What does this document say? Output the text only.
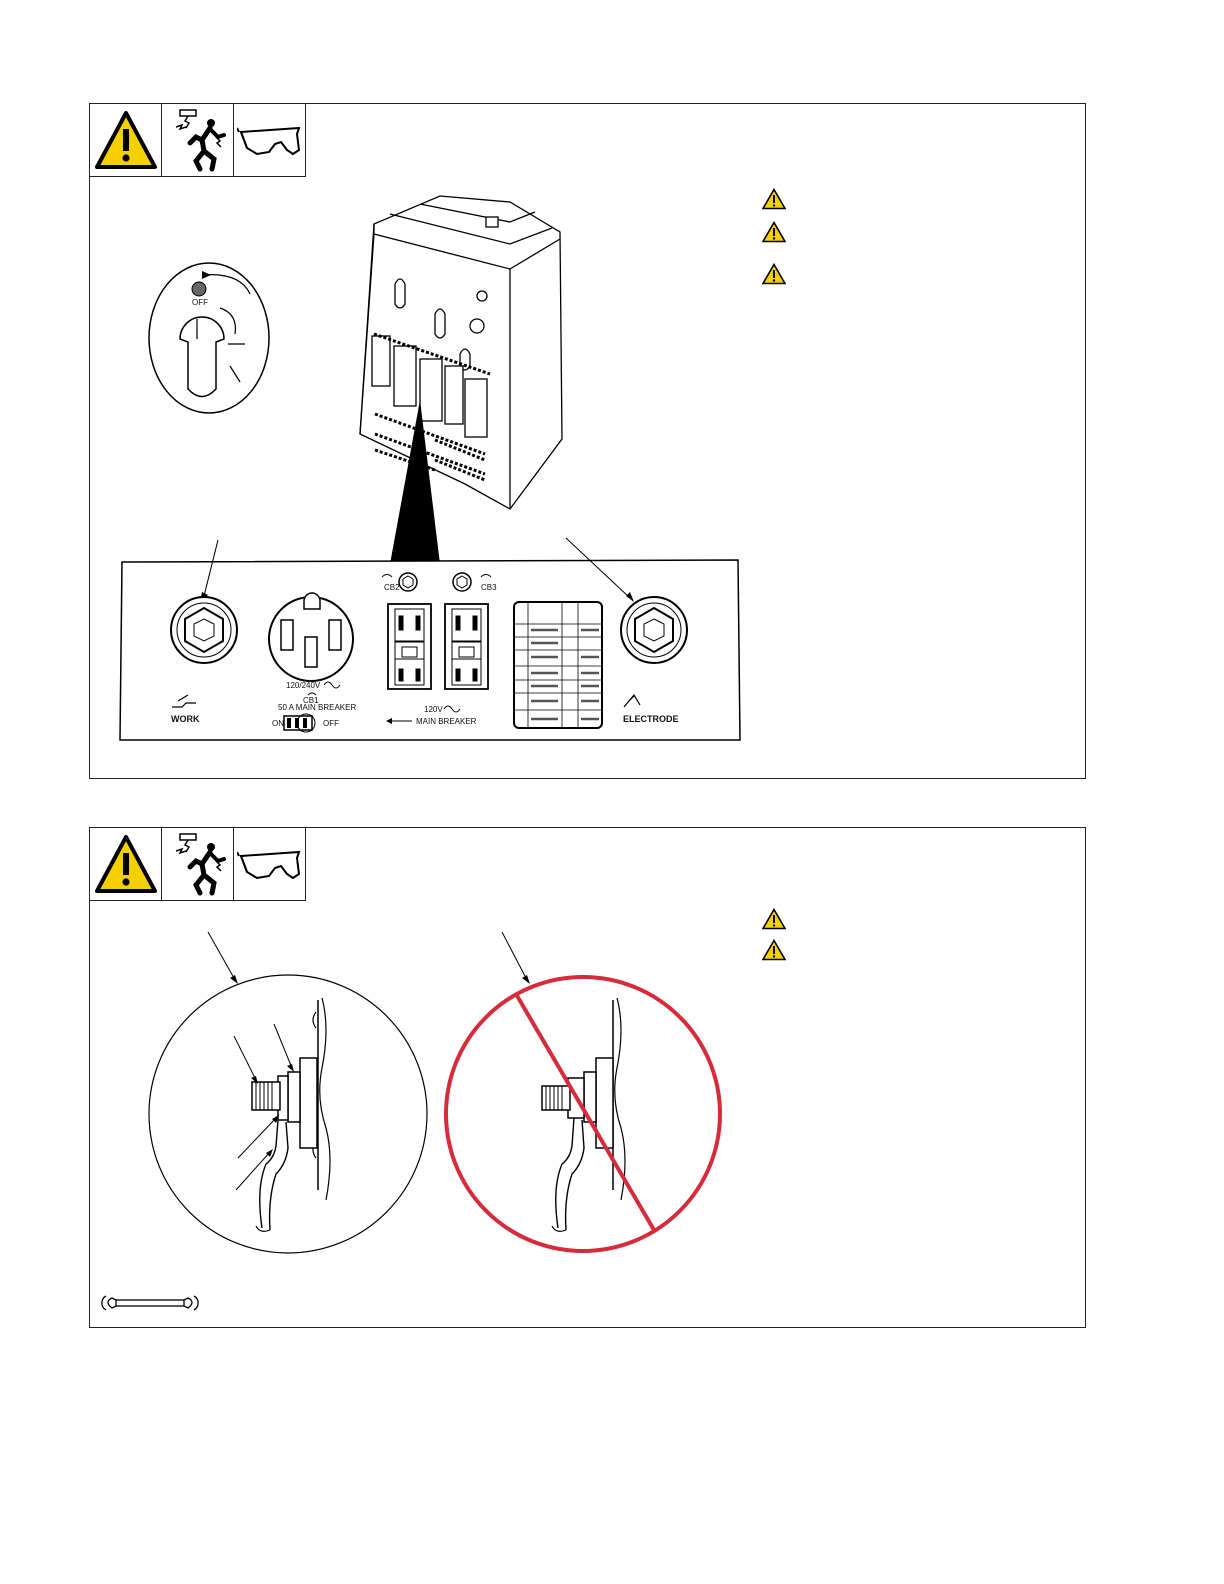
OFF
WORK
120/240V
CB1
50 A MAIN BREAKER
ON	OFF
CB2	CB3
120V
MAIN BREAKER	ELECTRODE
